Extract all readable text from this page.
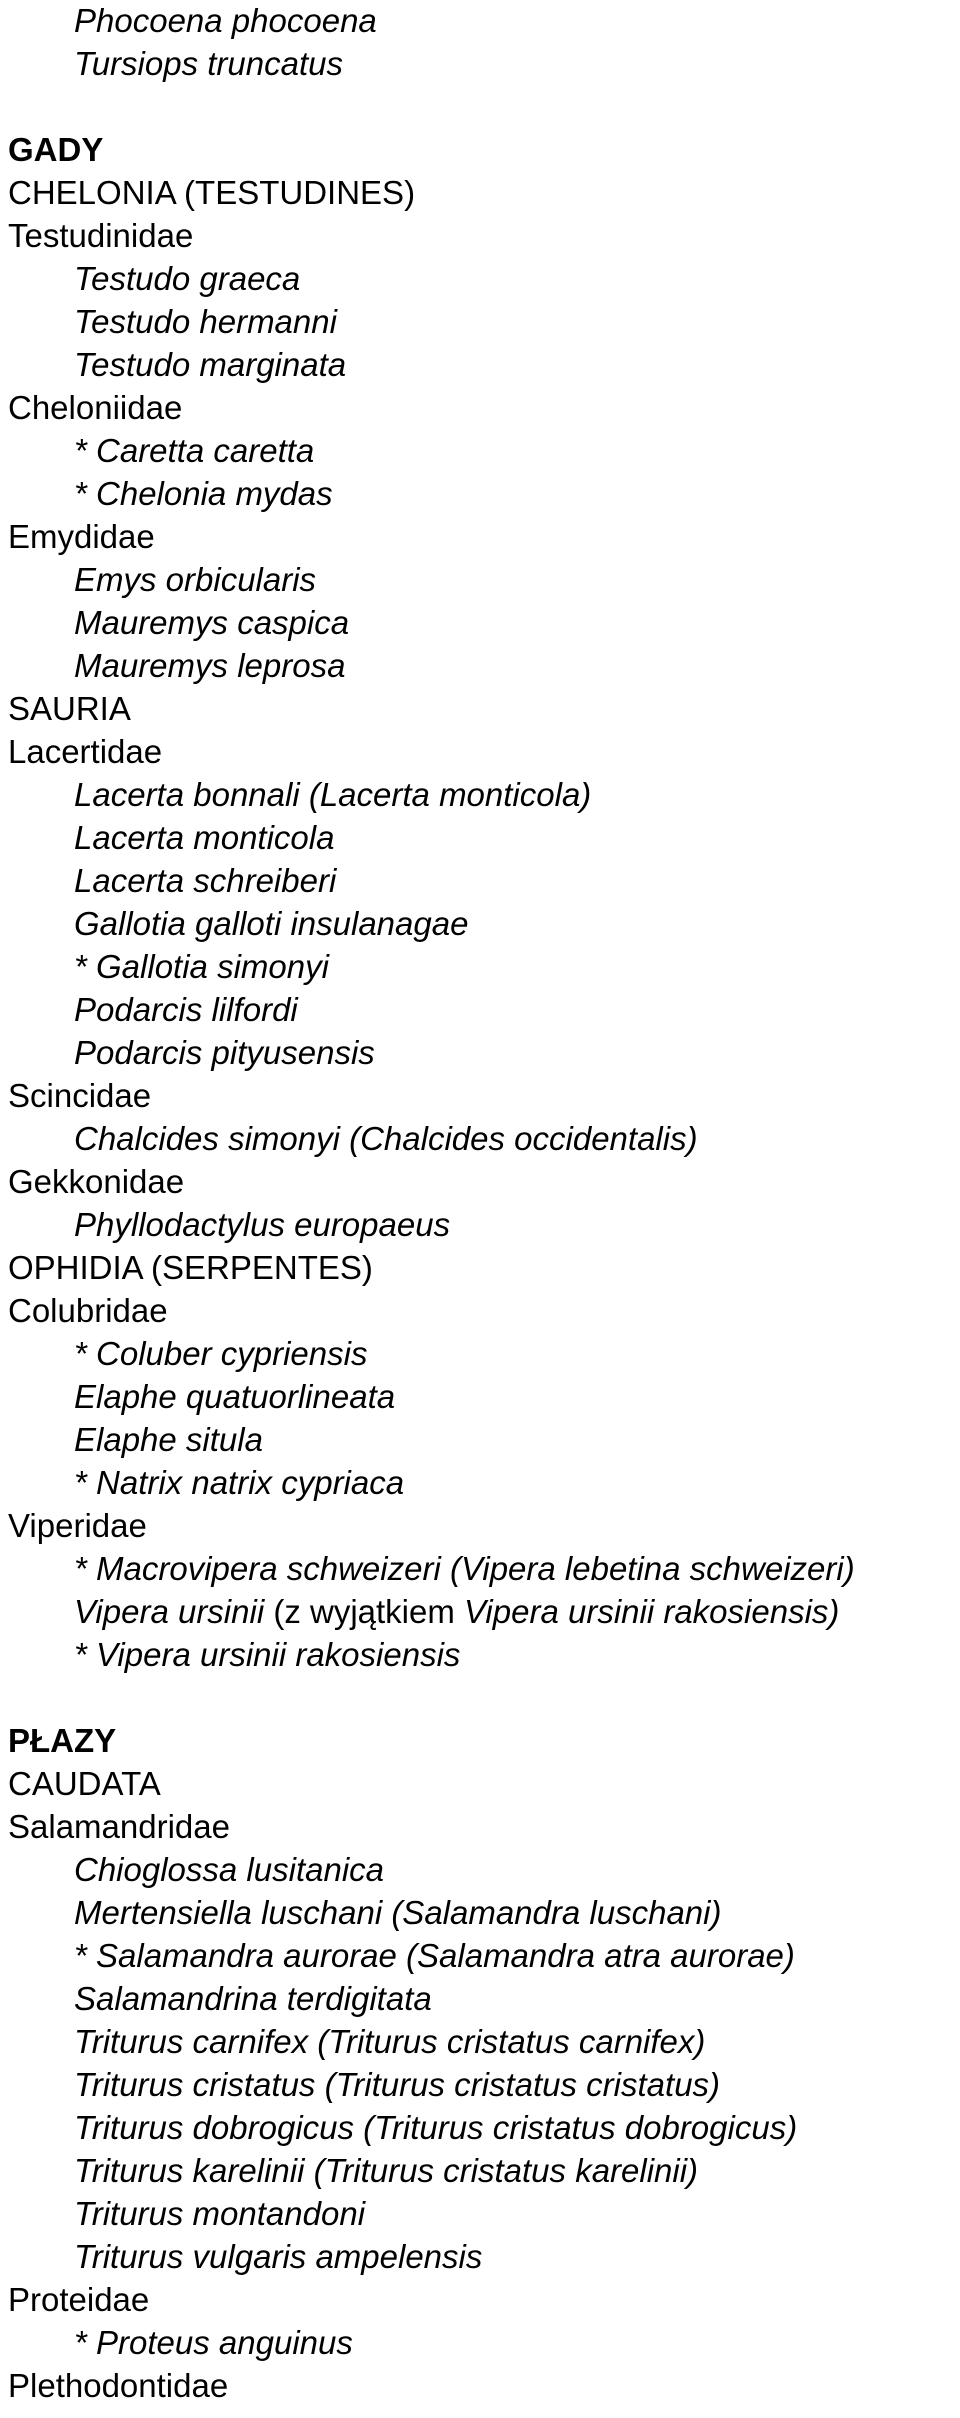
Phocoena phocoena

Tursiops truncatus

GADY

CHELONIA (TESTUDINES)

Testudinidae

Testudo graeca

Testudo hermanni

Testudo marginata

Cheloniidae

* Caretta caretta

* Chelonia mydas

Emydidae

Emys orbicularis

Mauremys caspica

Mauremys leprosa

SAURIA

Lacertidae

Lacerta bonnali (Lacerta monticola)

Lacerta monticola

Lacerta schreiberi

Gallotia galloti insulanagae

* Gallotia simonyi

Podarcis lilfordi

Podarcis pityusensis

Scincidae

Chalcides simonyi (Chalcides occidentalis)

Gekkonidae

Phyllodactylus europaeus

OPHIDIA (SERPENTES)

Colubridae

* Coluber cypriensis

Elaphe quatuorlineata

Elaphe situla

* Natrix natrix cypriaca

Viperidae

* Macrovipera schweizeri (Vipera lebetina schweizeri)

Vipera ursinii (z wyjątkiem Vipera ursinii rakosiensis)

* Vipera ursinii rakosiensis

PŁAZY

CAUDATA

Salamandridae

Chioglossa lusitanica

Mertensiella luschani (Salamandra luschani)

* Salamandra aurorae (Salamandra atra aurorae)

Salamandrina terdigitata

Triturus carnifex (Triturus cristatus carnifex)

Triturus cristatus (Triturus cristatus cristatus)

Triturus dobrogicus (Triturus cristatus dobrogicus)

Triturus karelinii (Triturus cristatus karelinii)

Triturus montandoni

Triturus vulgaris ampelensis

Proteidae

* Proteus anguinus

Plethodontidae
